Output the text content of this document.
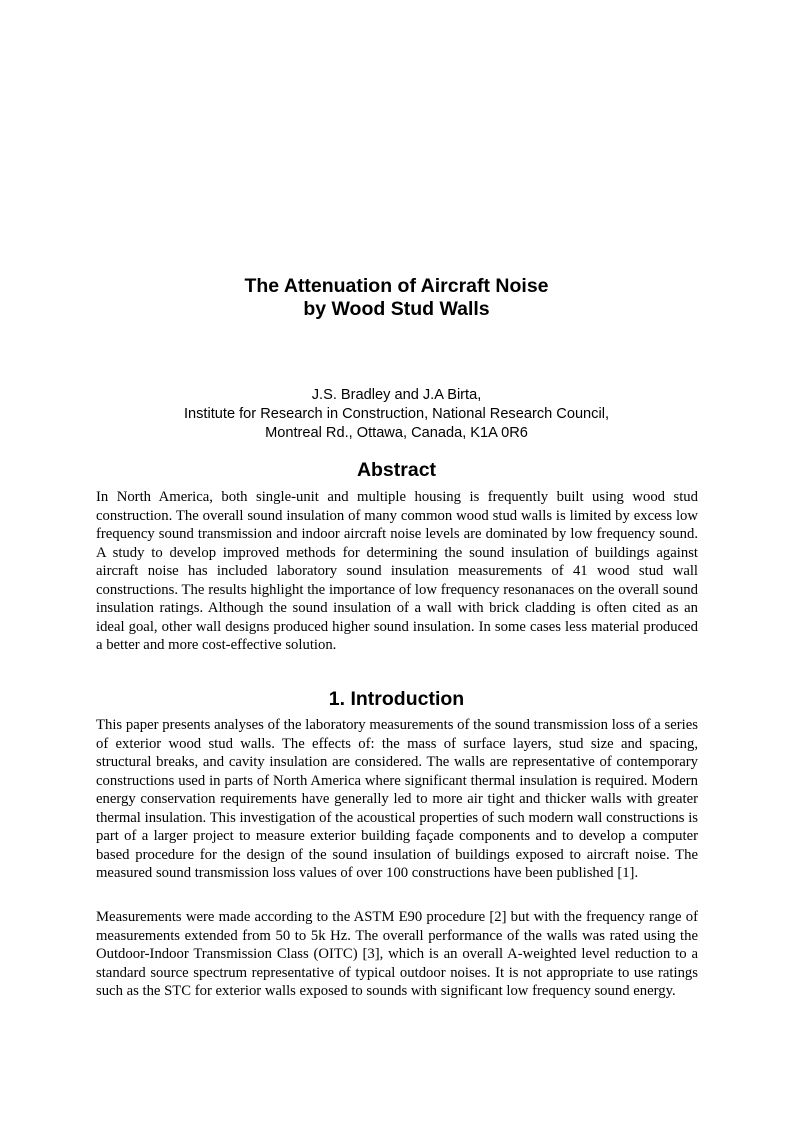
The Attenuation of Aircraft Noise
by Wood Stud Walls
J.S. Bradley and J.A Birta,
Institute for Research in Construction, National Research Council,
Montreal Rd., Ottawa, Canada, K1A 0R6
Abstract

In North America, both single-unit and multiple housing is frequently built using wood stud construction. The overall sound insulation of many common wood stud walls is limited by excess low frequency sound transmission and indoor aircraft noise levels are dominated by low frequency sound. A study to develop improved methods for determining the sound insulation of buildings against aircraft noise has included laboratory sound insulation measurements of 41 wood stud wall constructions. The results highlight the importance of low frequency resonanaces on the overall sound insulation ratings. Although the sound insulation of a wall with brick cladding is often cited as an ideal goal, other wall designs produced higher sound insulation. In some cases less material produced a better and more cost-effective solution.

1. Introduction

This paper presents analyses of the laboratory measurements of the sound transmission loss of a series of exterior wood stud walls. The effects of: the mass of surface layers, stud size and spacing, structural breaks, and cavity insulation are considered. The walls are representative of contemporary constructions used in parts of North America where significant thermal insulation is required. Modern energy conservation requirements have generally led to more air tight and thicker walls with greater thermal insulation. This investigation of the acoustical properties of such modern wall constructions is part of a larger project to measure exterior building façade components and to develop a computer based procedure for the design of the sound insulation of buildings exposed to aircraft noise. The measured sound transmission loss values of over 100 constructions have been published [1].

Measurements were made according to the ASTM E90 procedure [2] but with the frequency range of measurements extended from 50 to 5k Hz. The overall performance of the walls was rated using the Outdoor-Indoor Transmission Class (OITC) [3], which is an overall A-weighted level reduction to a standard source spectrum representative of typical outdoor noises. It is not appropriate to use ratings such as the STC for exterior walls exposed to sounds with significant low frequency sound energy.
